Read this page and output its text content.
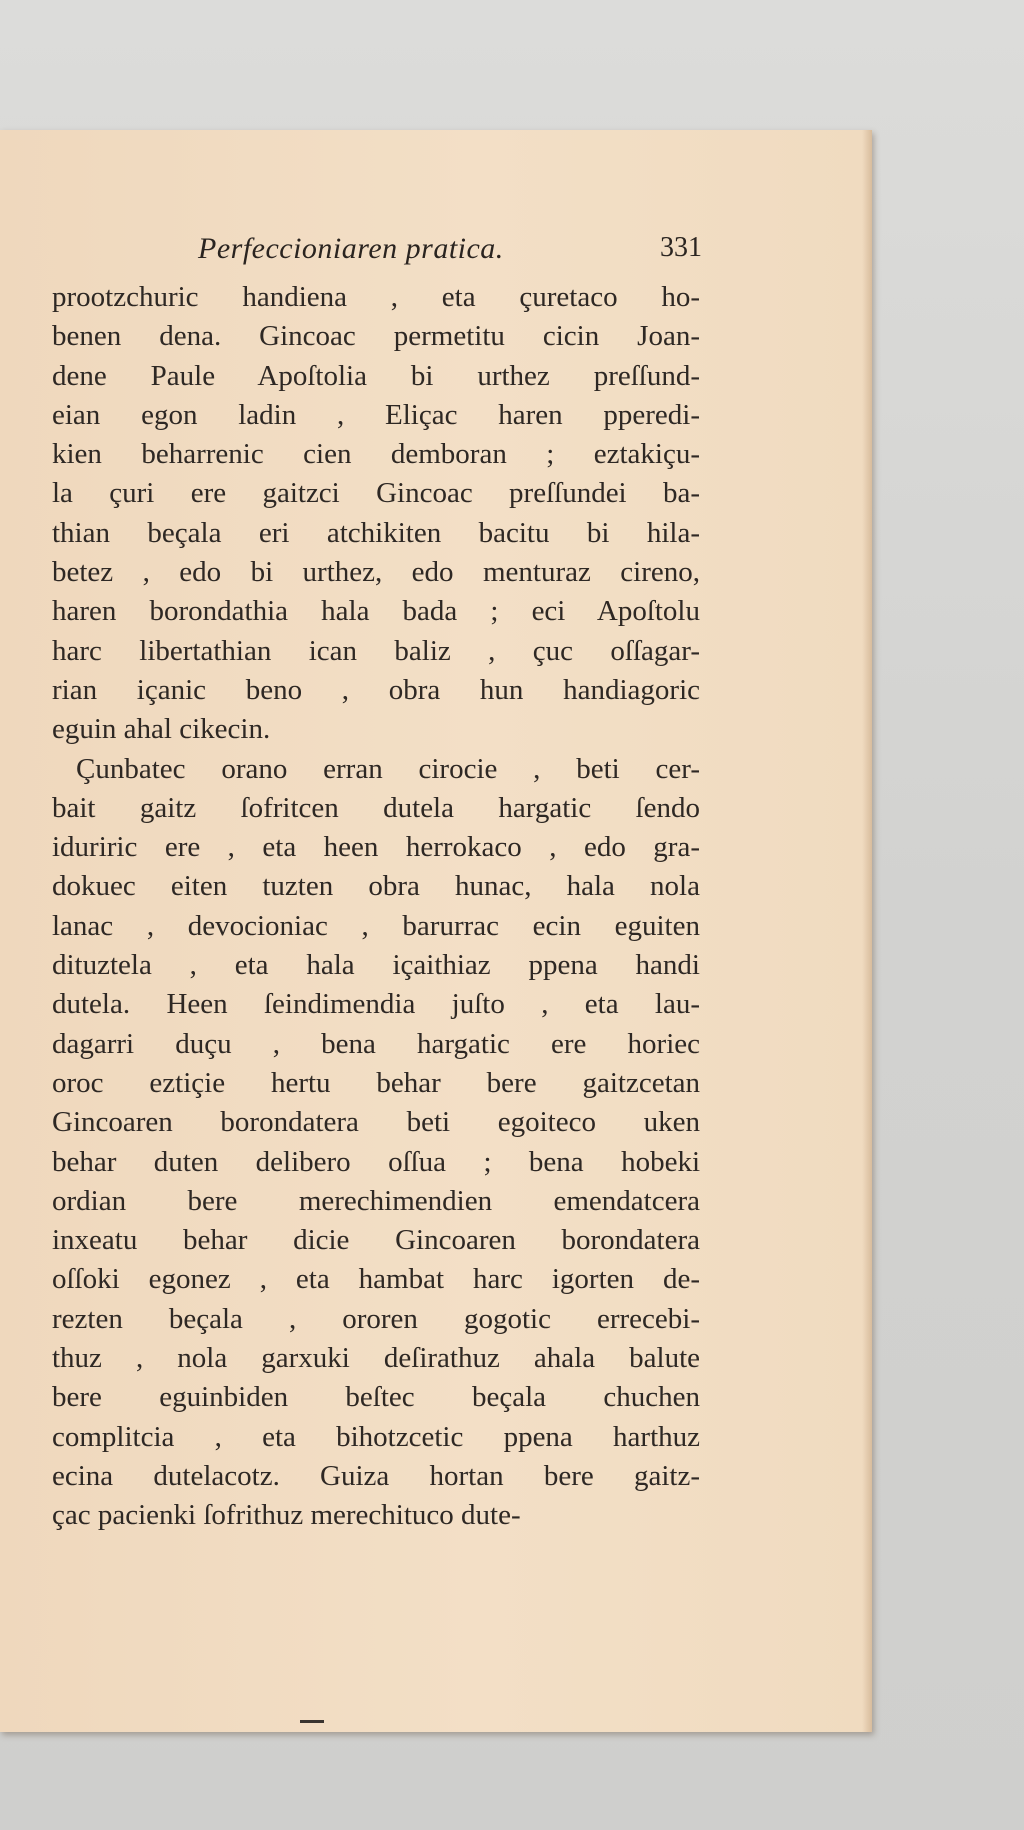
Perfeccioniaren pratica.	331
prootzchuric handiena , eta çuretaco ho-
benen dena. Gincoac permetitu cicin Joan-
dene Paule Apoſtolia bi urthez preſſund-
eian egon ladin , Eliçac haren pperedi-
kien beharrenic cien demboran ; eztakiçu-
la çuri ere gaitzci Gincoac preſſundei ba-
thian beçala eri atchikiten bacitu bi hila-
betez , edo bi urthez, edo menturaz cireno,
haren borondathia hala bada ; eci Apoſtolu
harc libertathian ican baliz , çuc oſſagar-
rian içanic beno , obra hun handiagoric
eguin ahal cikecin.
Çunbatec orano erran cirocie , beti cer-
bait gaitz ſofritcen dutela hargatic ſendo
iduriric ere , eta heen herrokaco , edo gra-
dokuec eiten tuzten obra hunac, hala nola
lanac , devocioniac , barurrac ecin eguiten
dituztela , eta hala içaithiaz ppena handi
dutela. Heen ſeindimendia juſto , eta lau-
dagarri duçu , bena hargatic ere horiec
oroc eztiçie hertu behar bere gaitzcetan
Gincoaren borondatera beti egoiteco uken
behar duten delibero oſſua ; bena hobeki
ordian bere merechimendien emendatcera
inxeatu behar dicie Gincoaren borondatera
oſſoki egonez , eta hambat harc igorten de-
rezten beçala , ororen gogotic errecebi-
thuz , nola garxuki deſirathuz ahala balute
bere eguinbiden beſtec beçala chuchen
complitcia , eta bihotzcetic ppena harthuz
ecina dutelacotz. Guiza hortan bere gaitz-
çac pacienki ſofrithuz merechituco dute-
